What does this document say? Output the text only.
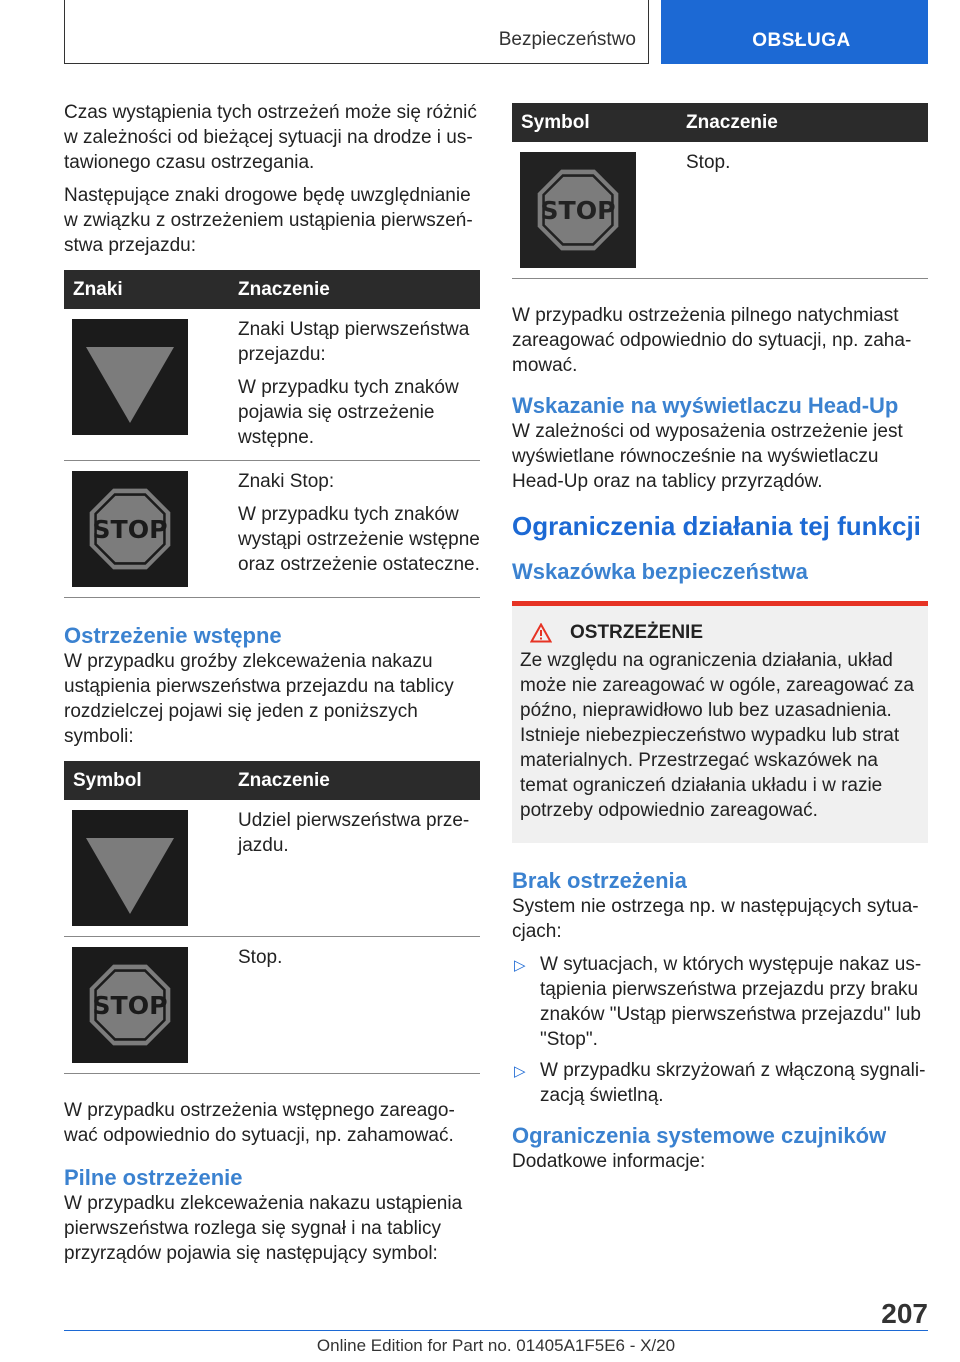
Bezpieczeństwo	OBSŁUGA

Czas wystąpienia tych ostrzeżeń może się różnić w zależności od bieżącej sytuacji na drodze i ustawionego czasu ostrzegania.

Następujące znaki drogowe będę uwzględnianie w związku z ostrzeżeniem ustąpienia pierwszeństwa przejazdu:

Znaki	Znaczenie

Znaki Ustąp pierwszeństwa przejazdu:
W przypadku tych znaków pojawia się ostrzeżenie wstępne.

STOP	Znaki Stop:
W przypadku tych znaków wystąpi ostrzeżenie wstępne oraz ostrzeżenie ostateczne.
Ostrzeżenie wstępne

W przypadku groźby zlekceważenia nakazu ustąpienia pierwszeństwa przejazdu na tablicy rozdzielczej pojawi się jeden z poniższych symboli:

Symbol	Znaczenie

Udziel pierwszeństwa przejazdu.

STOP	Stop.

W przypadku ostrzeżenia wstępnego zareagować odpowiednio do sytuacji, np. zahamować.

Pilne ostrzeżenie

W przypadku zlekceważenia nakazu ustąpienia pierwszeństwa rozlega się sygnał i na tablicy przyrządów pojawia się następujący symbol:

Symbol	Znaczenie

STOP	Stop.

W przypadku ostrzeżenia pilnego natychmiast zareagować odpowiednio do sytuacji, np. zahamować.

Wskazanie na wyświetlaczu Head-Up

W zależności od wyposażenia ostrzeżenie jest wyświetlane równocześnie na wyświetlaczu Head-Up oraz na tablicy przyrządów.

Ograniczenia działania tej funkcji
Wskazówka bezpieczeństwa
OSTRZEŻENIE

Ze względu na ograniczenia działania, układ może nie zareagować w ogóle, zareagować za późno, nieprawidłowo lub bez uzasadnienia. Istnieje niebezpieczeństwo wypadku lub strat materialnych. Przestrzegać wskazówek na temat ograniczeń działania układu i w razie potrzeby odpowiednio zareagować.

Brak ostrzeżenia

System nie ostrzega np. w następujących sytuacjach:

▷ W sytuacjach, w których występuje nakaz ustąpienia pierwszeństwa przejazdu przy braku znaków "Ustąp pierwszeństwa przejazdu" lub "Stop".
▷ W przypadku skrzyżowań z włączoną sygnalizacją świetlną.
Ograniczenia systemowe czujników

Dodatkowe informacje:

207
Online Edition for Part no. 01405A1F5E6 - X/20
